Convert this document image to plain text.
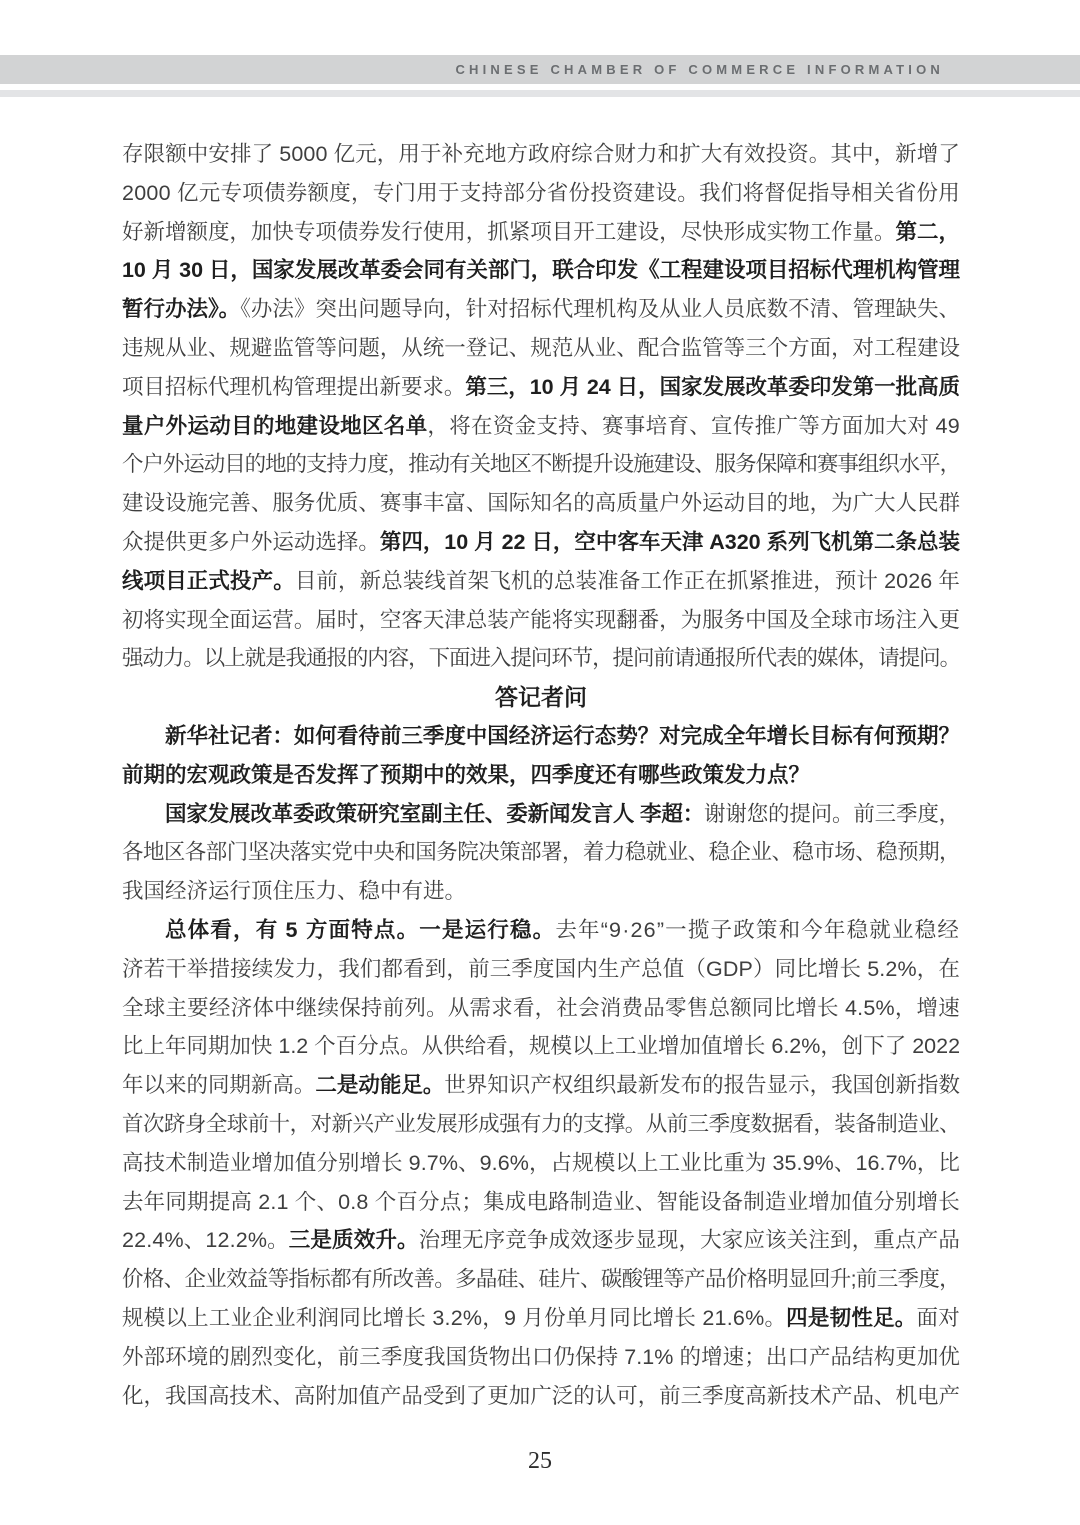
CHINESE CHAMBER OF COMMERCE INFORMATION
存限额中安排了 5000 亿元，用于补充地方政府综合财力和扩大有效投资。其中，新增了
2000 亿元专项债券额度，专门用于支持部分省份投资建设。我们将督促指导相关省份用
好新增额度，加快专项债券发行使用，抓紧项目开工建设，尽快形成实物工作量。第二，
10 月 30 日，国家发展改革委会同有关部门，联合印发《工程建设项目招标代理机构管理
暂行办法》。《办法》突出问题导向，针对招标代理机构及从业人员底数不清、管理缺失、
违规从业、规避监管等问题，从统一登记、规范从业、配合监管等三个方面，对工程建设
项目招标代理机构管理提出新要求。第三，10 月 24 日，国家发展改革委印发第一批高质
量户外运动目的地建设地区名单，将在资金支持、赛事培育、宣传推广等方面加大对 49
个户外运动目的地的支持力度，推动有关地区不断提升设施建设、服务保障和赛事组织水平，
建设设施完善、服务优质、赛事丰富、国际知名的高质量户外运动目的地，为广大人民群
众提供更多户外运动选择。第四，10 月 22 日，空中客车天津 A320 系列飞机第二条总装
线项目正式投产。目前，新总装线首架飞机的总装准备工作正在抓紧推进，预计 2026 年
初将实现全面运营。届时，空客天津总装产能将实现翻番，为服务中国及全球市场注入更
强动力。以上就是我通报的内容，下面进入提问环节，提问前请通报所代表的媒体，请提问。
答记者问
新华社记者：如何看待前三季度中国经济运行态势？对完成全年增长目标有何预期？
前期的宏观政策是否发挥了预期中的效果，四季度还有哪些政策发力点？
国家发展改革委政策研究室副主任、委新闻发言人 李超：谢谢您的提问。前三季度，
各地区各部门坚决落实党中央和国务院决策部署，着力稳就业、稳企业、稳市场、稳预期，
我国经济运行顶住压力、稳中有进。
总体看，有 5 方面特点。一是运行稳。去年“9·26”一揽子政策和今年稳就业稳经
济若干举措接续发力，我们都看到，前三季度国内生产总值（GDP）同比增长 5.2%，在
全球主要经济体中继续保持前列。从需求看，社会消费品零售总额同比增长 4.5%，增速
比上年同期加快 1.2 个百分点。从供给看，规模以上工业增加值增长 6.2%，创下了 2022
年以来的同期新高。二是动能足。世界知识产权组织最新发布的报告显示，我国创新指数
首次跻身全球前十，对新兴产业发展形成强有力的支撑。从前三季度数据看，装备制造业、
高技术制造业增加值分别增长 9.7%、9.6%，占规模以上工业比重为 35.9%、16.7%，比
去年同期提高 2.1 个、0.8 个百分点；集成电路制造业、智能设备制造业增加值分别增长
22.4%、12.2%。三是质效升。治理无序竞争成效逐步显现，大家应该关注到，重点产品
价格、企业效益等指标都有所改善。多晶硅、硅片、碳酸锂等产品价格明显回升;前三季度，
规模以上工业企业利润同比增长 3.2%，9 月份单月同比增长 21.6%。四是韧性足。面对
外部环境的剧烈变化，前三季度我国货物出口仍保持 7.1% 的增速；出口产品结构更加优
化，我国高技术、高附加值产品受到了更加广泛的认可，前三季度高新技术产品、机电产
25
